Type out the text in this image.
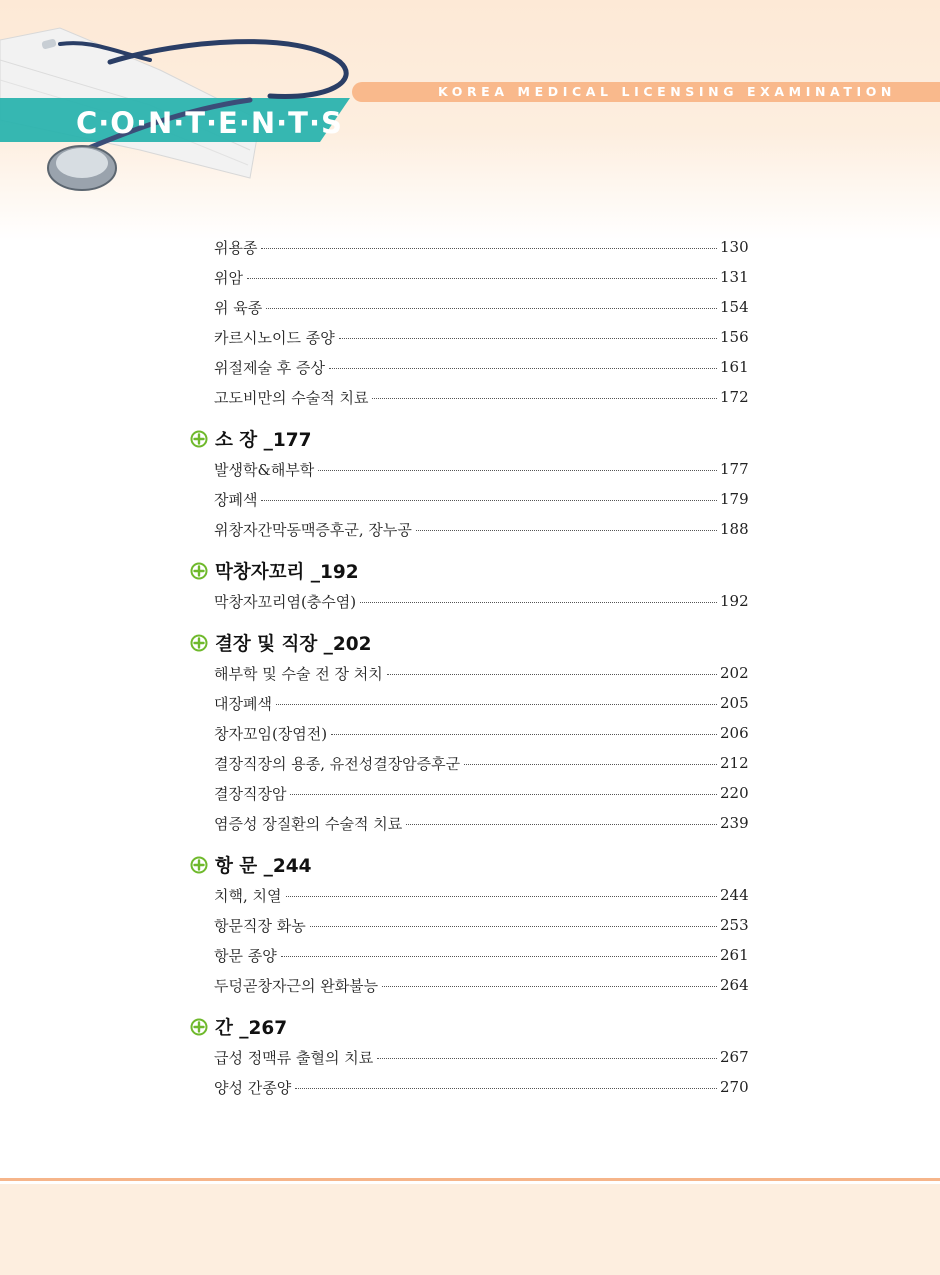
KOREA MEDICAL LICENSING EXAMINATION
C·O·N·T·E·N·T·S
위용종	130
위암	131
위 육종	154
카르시노이드 종양	156
위절제술 후 증상	161
고도비만의 수술적 치료	172
소 장 _177
발생학&해부학	177
장폐색	179
위창자간막동맥증후군, 장누공	188
막창자꼬리 _192
막창자꼬리염(충수염)	192
결장 및 직장 _202
해부학 및 수술 전 장 처치	202
대장폐색	205
창자꼬임(장염전)	206
결장직장의 용종, 유전성결장암증후군	212
결장직장암	220
염증성 장질환의 수술적 치료	239
항 문 _244
치핵, 치열	244
항문직장 화농	253
항문 종양	261
두덩곧창자근의 완화불능	264
간 _267
급성 정맥류 출혈의 치료	267
양성 간종양	270
